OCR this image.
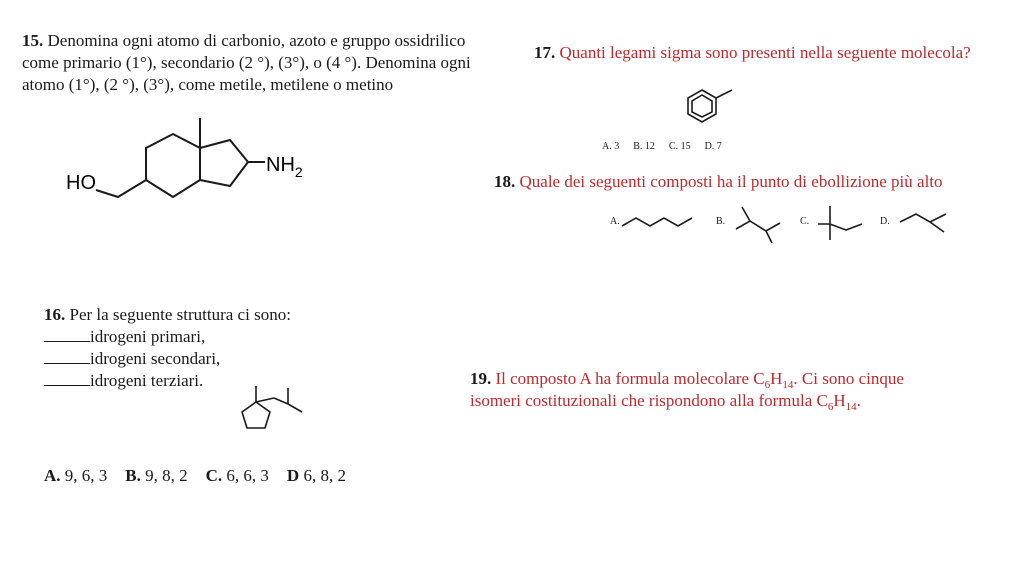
15. Denomina ogni atomo di carbonio, azoto e gruppo ossidrilico
come primario (1°), secondario (2 °), (3°), o (4 °). Denomina ogni
atomo (1°), (2 °), (3°), come metile, metilene o metino
HO
$NH_2$
17. Quanti legami sigma sono presenti nella seguente molecola?
A. 3 B. 12 C. 15 D. 7
18. Quale dei seguenti composti ha il punto di ebollizione più alto
A.	B.	C.	D.
16. Per la seguente struttura ci sono:
idrogeni primari,
idrogeni secondari,
idrogeni terziari.
A. 9, 6, 3 B. 9, 8, 2 C. 6, 6, 3 D 6, 8, 2
19. Il composto A ha formula molecolare $C_6H_{14}$. Ci sono cinque
isomeri costituzionali che rispondono alla formula $C_6H_{14}$.
